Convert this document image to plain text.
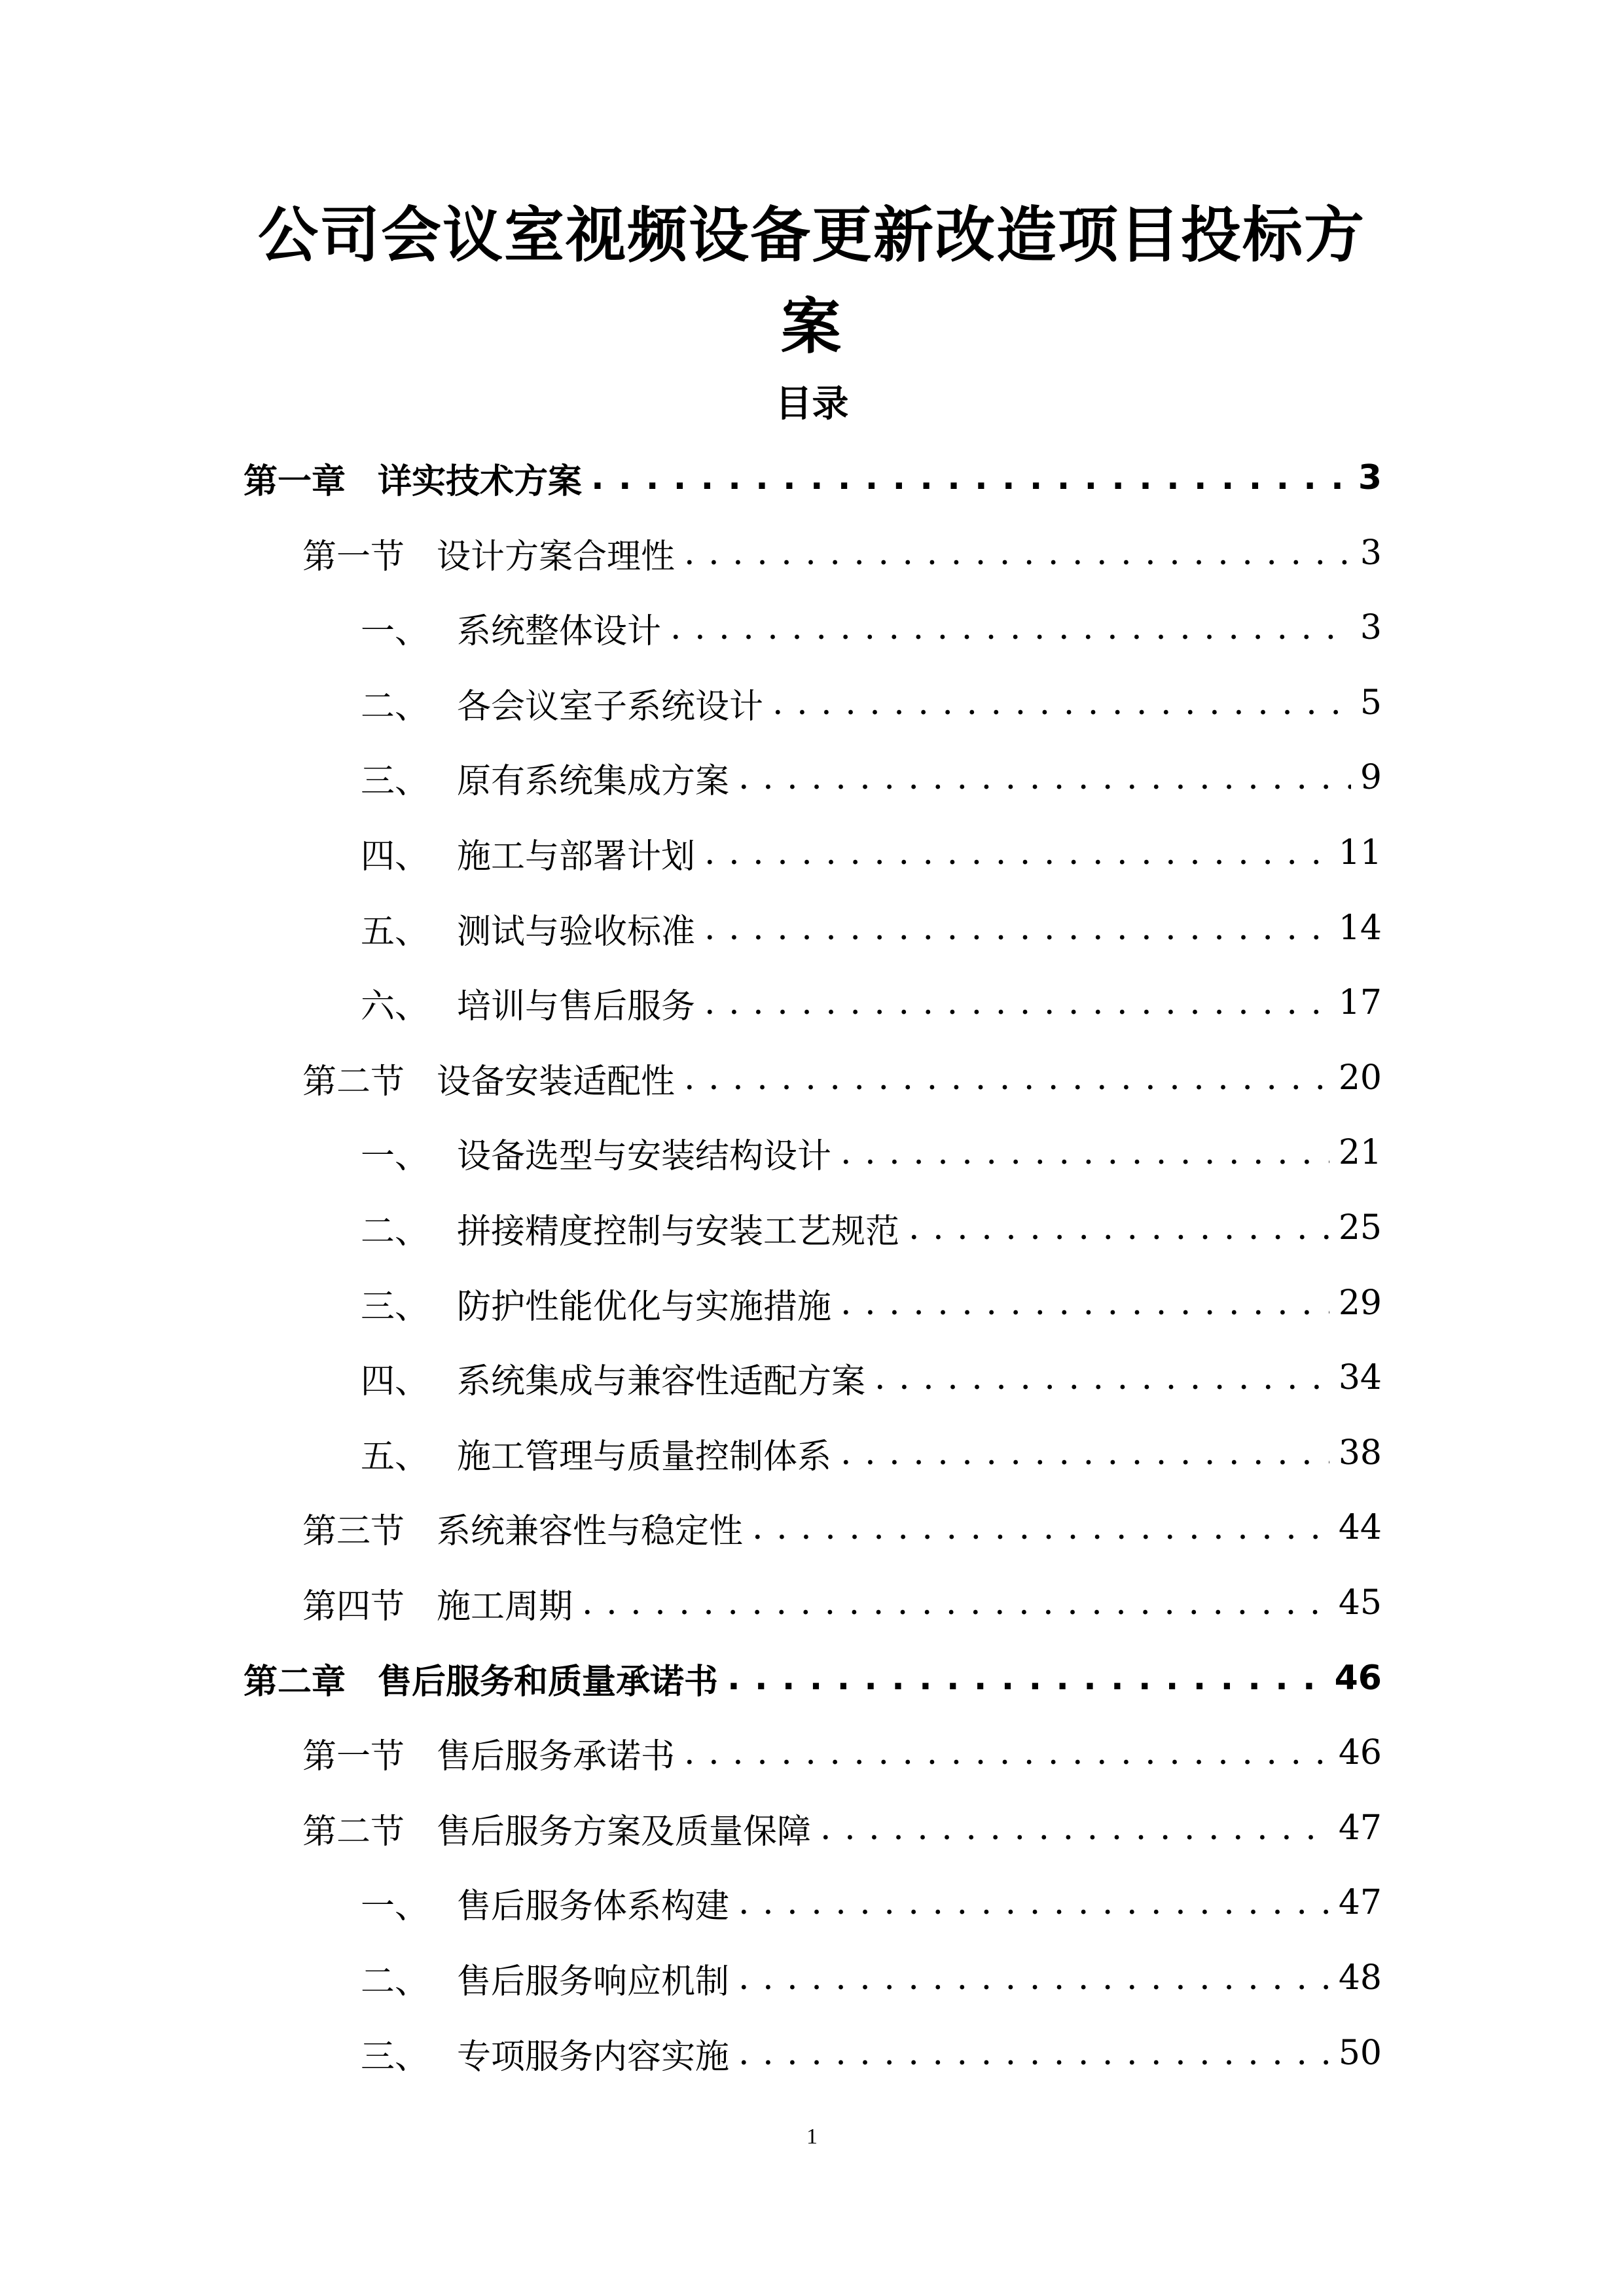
公司会议室视频设备更新改造项目投标方
案
目录
第一章 详实技术方案 . . .	3
第一节 设计方案合理性 . . .	3
一、 系统整体设计 . . .	3
二、 各会议室子系统设计 . . .	5
三、 原有系统集成方案 . . .	9
四、 施工与部署计划 . . .	11
五、 测试与验收标准 . . .	14
六、 培训与售后服务 . . .	17
第二节 设备安装适配性 . . .	20
一、 设备选型与安装结构设计 . . .	21
二、 拼接精度控制与安装工艺规范 . . .	25
三、 防护性能优化与实施措施 . . .	29
四、 系统集成与兼容性适配方案 . . .	34
五、 施工管理与质量控制体系 . . .	38
第三节 系统兼容性与稳定性 . . .	44
第四节 施工周期 . . .	45
第二章 售后服务和质量承诺书 . . .	46
第一节 售后服务承诺书 . . .	46
第二节 售后服务方案及质量保障 . . .	47
一、 售后服务体系构建 . . .	47
二、 售后服务响应机制 . . .	48
三、 专项服务内容实施 . . .	50
1
